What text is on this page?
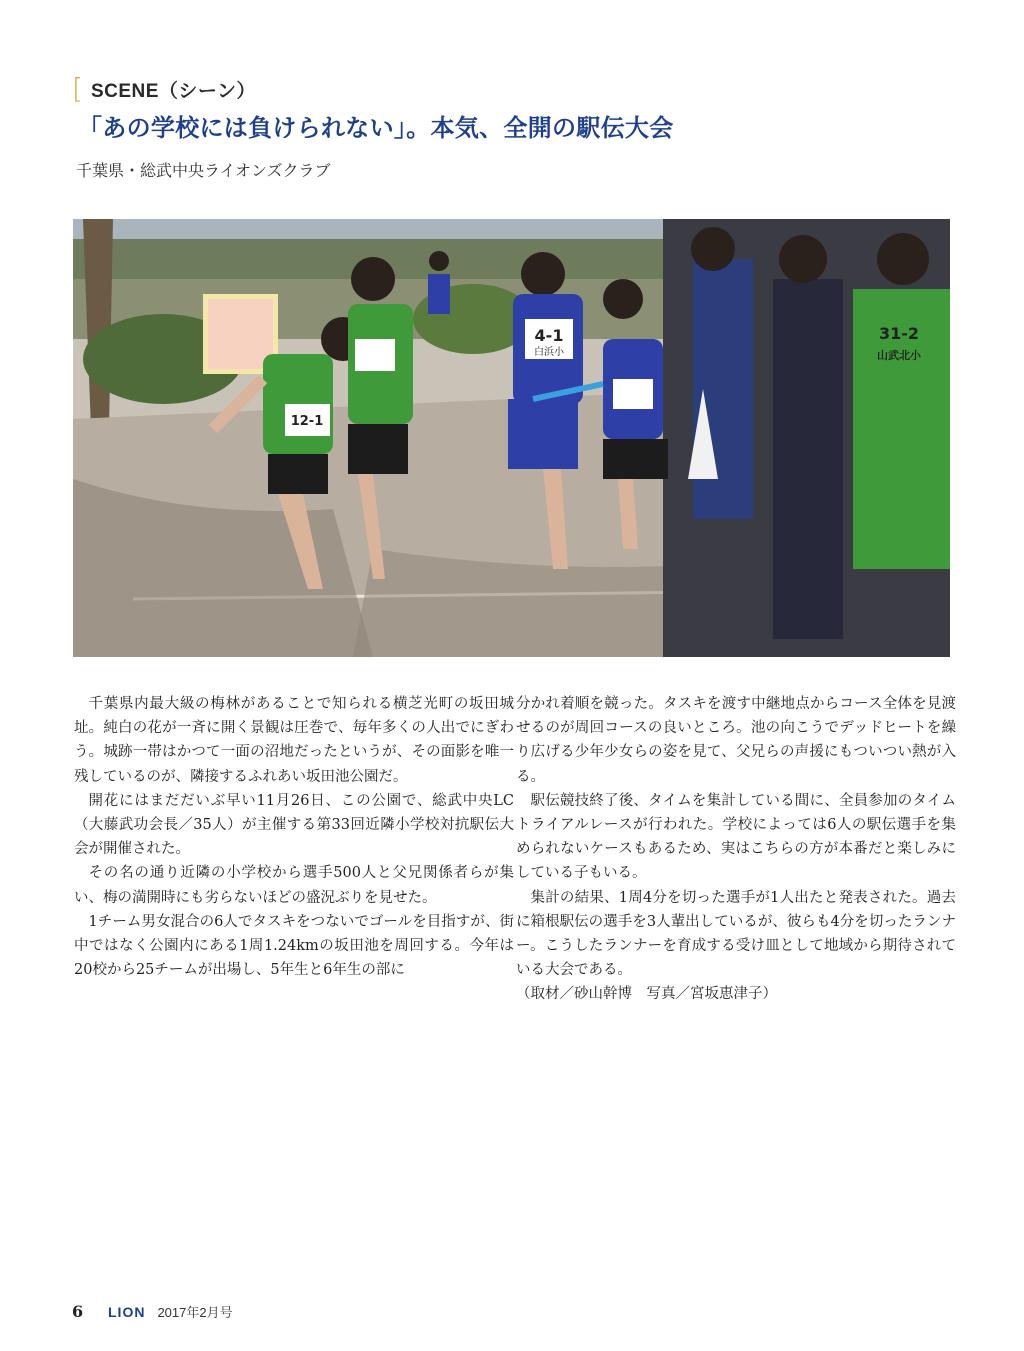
[ SCENE（シーン）
「あの学校には負けられない」。本気、全開の駅伝大会
千葉県・総武中央ライオンズクラブ
12-1
4-1
白浜小
31-2
山武北小

千葉県内最大級の梅林があることで知られる横芝光町の坂田城址。純白の花が一斉に開く景観は圧巻で、毎年多くの人出でにぎわう。城跡一帯はかつて一面の沼地だったというが、その面影を唯一残しているのが、隣接するふれあい坂田池公園だ。

開花にはまだだいぶ早い11月26日、この公園で、総武中央LC（大藤武功会長／35人）が主催する第33回近隣小学校対抗駅伝大会が開催された。

その名の通り近隣の小学校から選手500人と父兄関係者らが集い、梅の満開時にも劣らないほどの盛況ぶりを見せた。

1チーム男女混合の6人でタスキをつないでゴールを目指すが、街中ではなく公園内にある1周1.24kmの坂田池を周回する。今年は20校から25チームが出場し、5年生と6年生の部に

分かれ着順を競った。タスキを渡す中継地点からコース全体を見渡せるのが周回コースの良いところ。池の向こうでデッドヒートを繰り広げる少年少女らの姿を見て、父兄らの声援にもついつい熱が入る。

駅伝競技終了後、タイムを集計している間に、全員参加のタイムトライアルレースが行われた。学校によっては6人の駅伝選手を集められないケースもあるため、実はこちらの方が本番だと楽しみにしている子もいる。

集計の結果、1周4分を切った選手が1人出たと発表された。過去に箱根駅伝の選手を3人輩出しているが、彼らも4分を切ったランナー。こうしたランナーを育成する受け皿として地域から期待されている大会である。

（取材／砂山幹博　写真／宮坂恵津子）

6	LION 2017年2月号
